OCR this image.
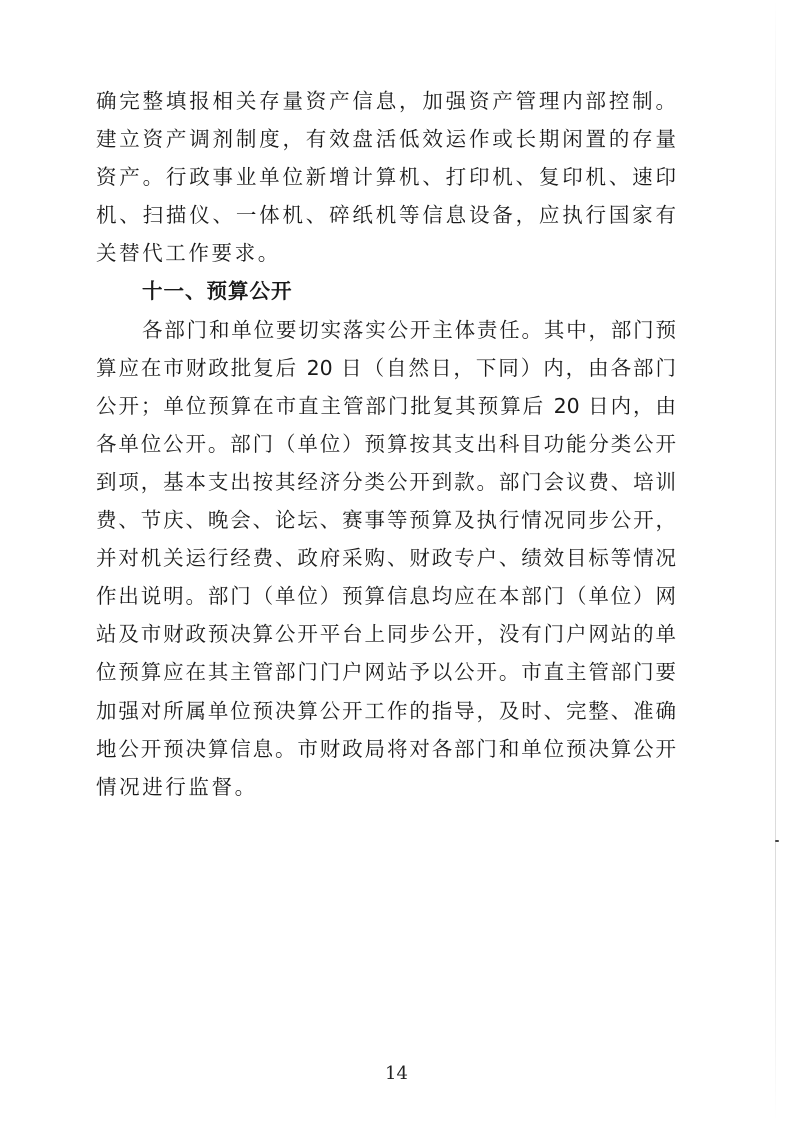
确完整填报相关存量资产信息，加强资产管理内部控制。
建立资产调剂制度，有效盘活低效运作或长期闲置的存量
资产。行政事业单位新增计算机、打印机、复印机、速印
机、扫描仪、一体机、碎纸机等信息设备，应执行国家有
关替代工作要求。
十一、预算公开
各部门和单位要切实落实公开主体责任。其中，部门预
算应在市财政批复后 20 日（自然日，下同）内，由各部门
公开；单位预算在市直主管部门批复其预算后 20 日内，由
各单位公开。部门（单位）预算按其支出科目功能分类公开
到项，基本支出按其经济分类公开到款。部门会议费、培训
费、节庆、晚会、论坛、赛事等预算及执行情况同步公开，
并对机关运行经费、政府采购、财政专户、绩效目标等情况
作出说明。部门（单位）预算信息均应在本部门（单位）网
站及市财政预决算公开平台上同步公开，没有门户网站的单
位预算应在其主管部门门户网站予以公开。市直主管部门要
加强对所属单位预决算公开工作的指导，及时、完整、准确
地公开预决算信息。市财政局将对各部门和单位预决算公开
情况进行监督。
14
